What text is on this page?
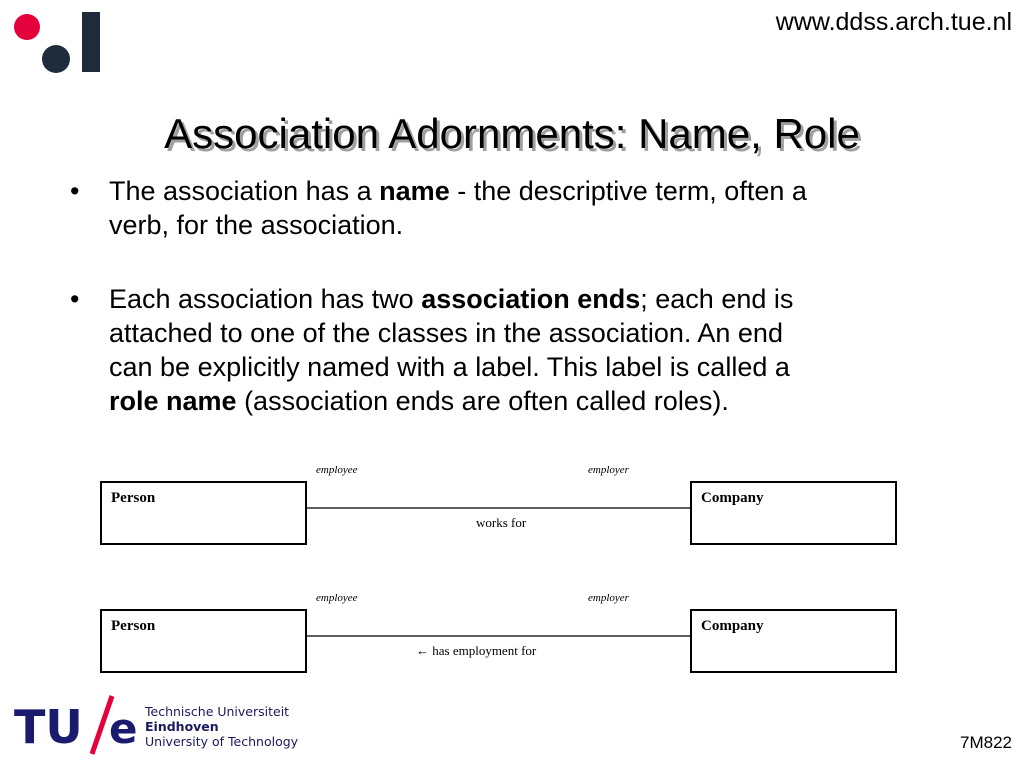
www.ddss.arch.tue.nl
Association Adornments: Name, Role

• The association has a name - the descriptive term, often a verb, for the association.

• Each association has two association ends; each end is attached to one of the classes in the association. An end can be explicitly named with a label. This label is called a role name (association ends are often called roles).

employee	employer
Person	Company
works for
employee	employer
Person	Company
← has employment for
TU e Technische Universiteit
Eindhoven
University of Technology	7M822
